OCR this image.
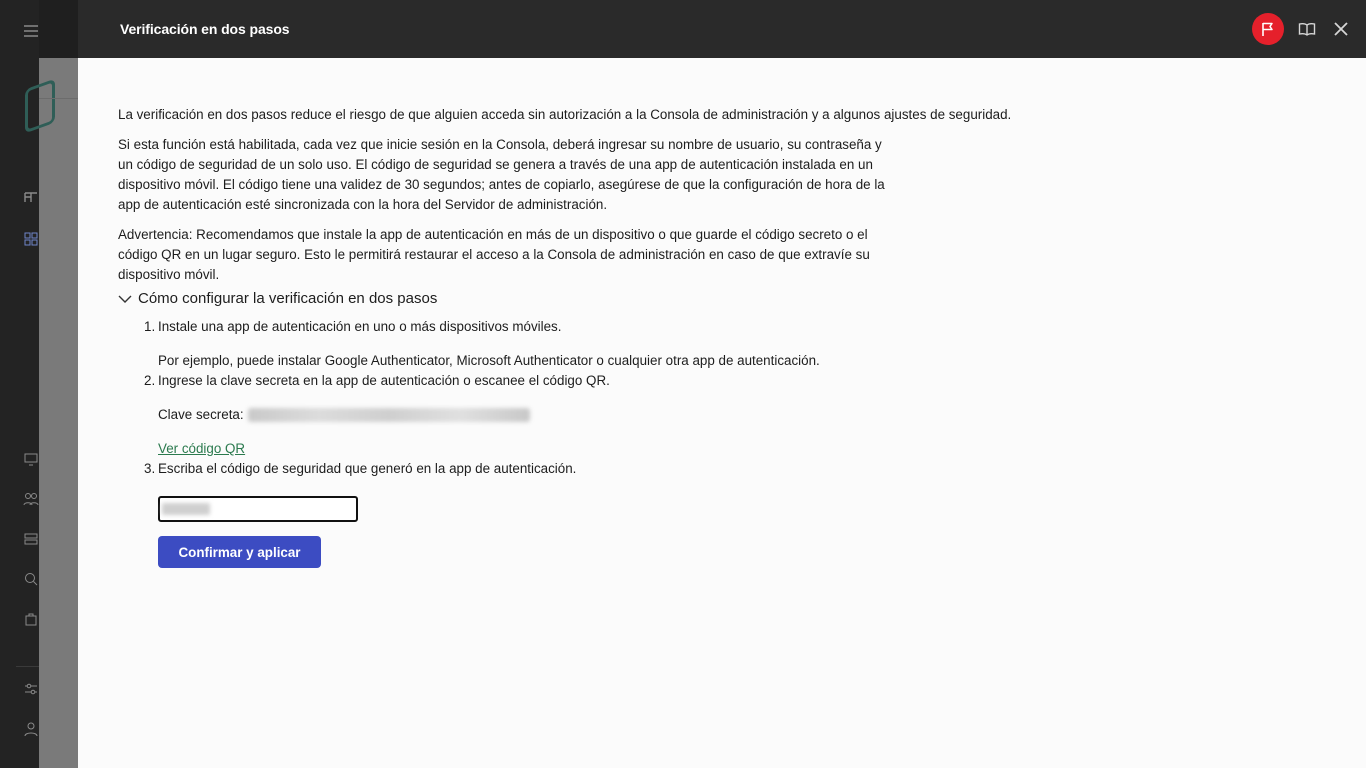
Verificación en dos pasos

La verificación en dos pasos reduce el riesgo de que alguien acceda sin autorización a la Consola de administración y a algunos ajustes de seguridad.

Si esta función está habilitada, cada vez que inicie sesión en la Consola, deberá ingresar su nombre de usuario, su contraseña y un código de seguridad de un solo uso. El código de seguridad se genera a través de una app de autenticación instalada en un dispositivo móvil. El código tiene una validez de 30 segundos; antes de copiarlo, asegúrese de que la configuración de hora de la app de autenticación esté sincronizada con la hora del Servidor de administración.

Advertencia: Recomendamos que instale la app de autenticación en más de un dispositivo o que guarde el código secreto o el código QR en un lugar seguro. Esto le permitirá restaurar el acceso a la Consola de administración en caso de que extravíe su dispositivo móvil.

Cómo configurar la verificación en dos pasos
1. Instale una app de autenticación en uno o más dispositivos móviles.
Por ejemplo, puede instalar Google Authenticator, Microsoft Authenticator o cualquier otra app de autenticación.
2. Ingrese la clave secreta en la app de autenticación o escanee el código QR.
Clave secreta:
Ver código QR
3. Escriba el código de seguridad que generó en la app de autenticación.
Confirmar y aplicar
